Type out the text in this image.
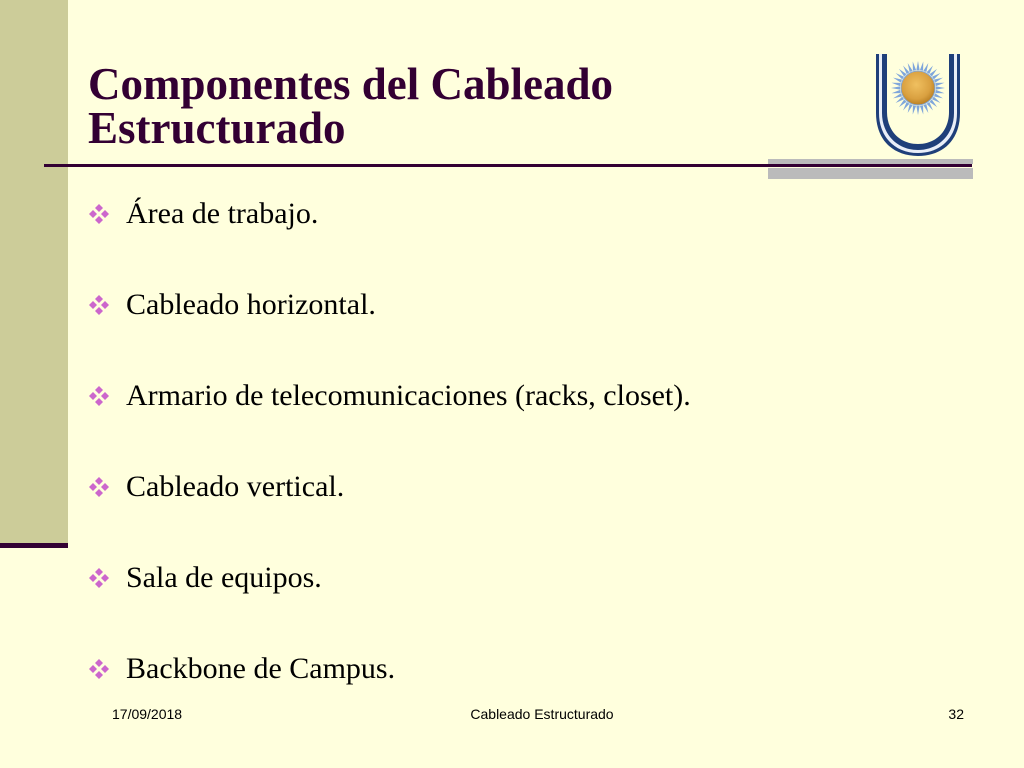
Componentes del Cableado Estructurado
Área de trabajo.
Cableado horizontal.
Armario de telecomunicaciones (racks, closet).
Cableado vertical.
Sala de equipos.
Backbone de Campus.
17/09/2018	Cableado Estructurado	32
